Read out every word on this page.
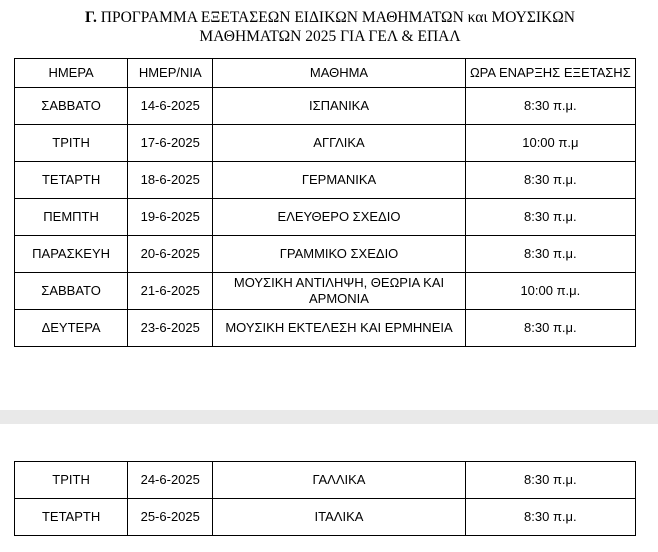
Γ. ΠΡΟΓΡΑΜΜΑ ΕΞΕΤΑΣΕΩΝ ΕΙΔΙΚΩΝ ΜΑΘΗΜΑΤΩΝ και ΜΟΥΣΙΚΩΝ
ΜΑΘΗΜΑΤΩΝ 2025 ΓΙΑ ΓΕΛ & ΕΠΑΛ
ΗΜΕΡΑ	ΗΜΕΡ/ΝΙΑ	ΜΑΘΗΜΑ	ΩΡΑ ΕΝΑΡΞΗΣ ΕΞΕΤΑΣΗΣ
ΣΑΒΒΑΤΟ	14-6-2025	ΙΣΠΑΝΙΚΑ	8:30 π.μ.
ΤΡΙΤΗ	17-6-2025	ΑΓΓΛΙΚΑ	10:00 π.μ
ΤΕΤΑΡΤΗ	18-6-2025	ΓΕΡΜΑΝΙΚΑ	8:30 π.μ.
ΠΕΜΠΤΗ	19-6-2025	ΕΛΕΥΘΕΡΟ ΣΧΕΔΙΟ	8:30 π.μ.
ΠΑΡΑΣΚΕΥΗ	20-6-2025	ΓΡΑΜΜΙΚΟ ΣΧΕΔΙΟ	8:30 π.μ.
ΣΑΒΒΑΤΟ	21-6-2025	ΜΟΥΣΙΚΗ ΑΝΤΙΛΗΨΗ, ΘΕΩΡΙΑ ΚΑΙ
ΑΡΜΟΝΙΑ	10:00 π.μ.
ΔΕΥΤΕΡΑ	23-6-2025	ΜΟΥΣΙΚΗ ΕΚΤΕΛΕΣΗ ΚΑΙ ΕΡΜΗΝΕΙΑ	8:30 π.μ.
ΤΡΙΤΗ	24-6-2025	ΓΑΛΛΙΚΑ	8:30 π.μ.
ΤΕΤΑΡΤΗ	25-6-2025	ΙΤΑΛΙΚΑ	8:30 π.μ.
